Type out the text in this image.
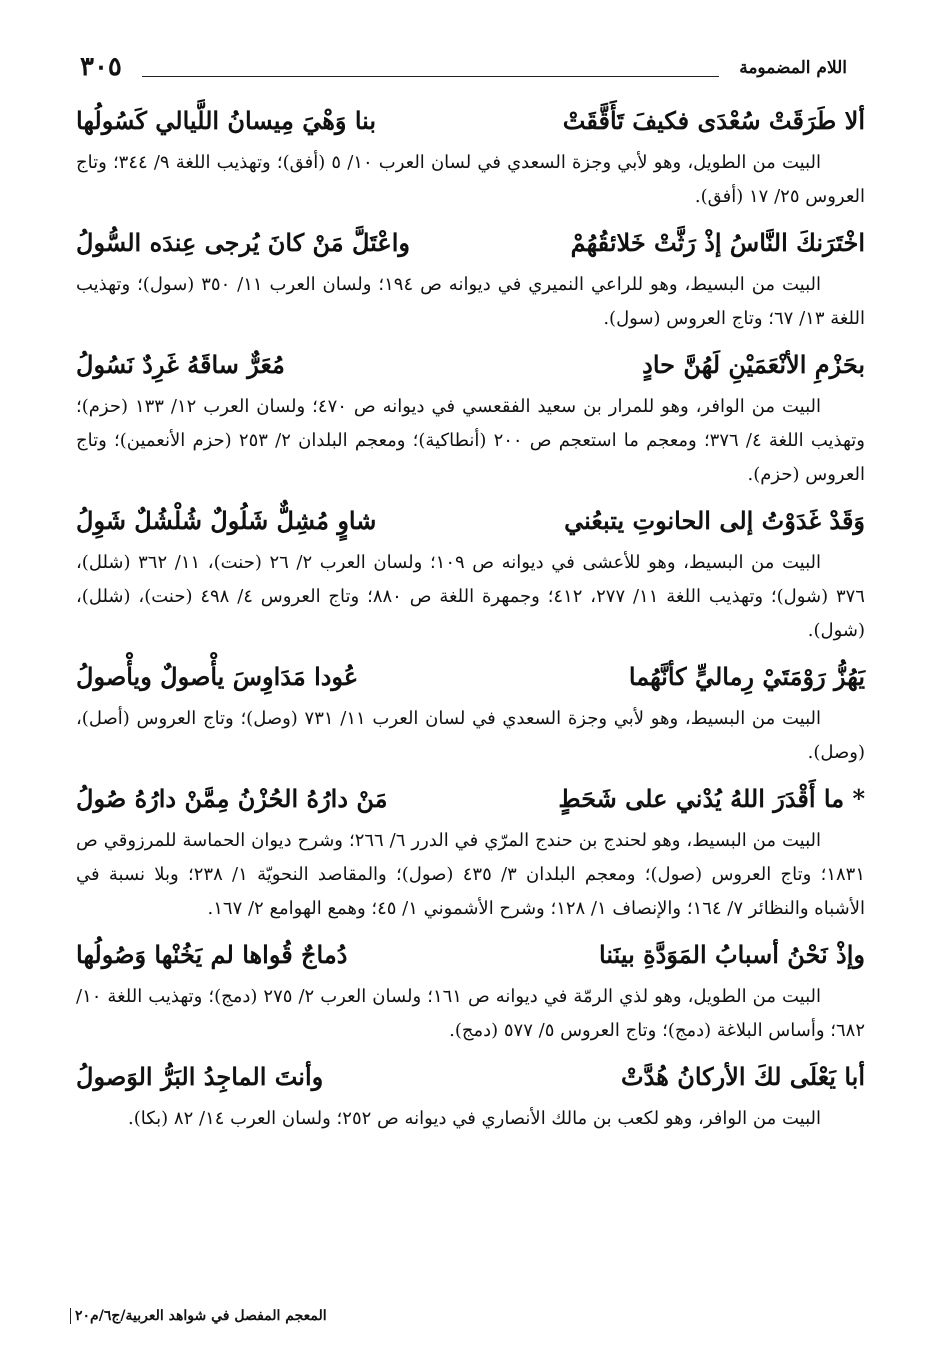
٣٠٥	اللام المضمومة
ألا طَرَقَتْ سُعْدَى فكيفَ تَأَقَّقَتْ
بنا وَهْيَ مِيسانُ اللَّيالي كَسُولُها

البيت من الطويل، وهو لأبي وجزة السعدي في لسان العرب ١٠/ ٥ (أفق)؛ وتهذيب اللغة ٩/ ٣٤٤؛ وتاج العروس ٢٥/ ١٧ (أفق).

اخْتَرَنكَ النَّاسُ إذْ رَثَّتْ خَلائقُهُمْ
واعْتَلَّ مَنْ كانَ يُرجى عِندَه السُّولُ

البيت من البسيط، وهو للراعي النميري في ديوانه ص ١٩٤؛ ولسان العرب ١١/ ٣٥٠ (سول)؛ وتهذيب اللغة ١٣/ ٦٧؛ وتاج العروس (سول).

بحَزْمِ الأنْعَمَيْنِ لَهُنَّ حادٍ
مُعَرٌّ ساقَهُ غَرِدٌ نَسُولُ

البيت من الوافر، وهو للمرار بن سعيد الفقعسي في ديوانه ص ٤٧٠؛ ولسان العرب ١٢/ ١٣٣ (حزم)؛ وتهذيب اللغة ٤/ ٣٧٦؛ ومعجم ما استعجم ص ٢٠٠ (أنطاكية)؛ ومعجم البلدان ٢/ ٢٥٣ (حزم الأنعمين)؛ وتاج العروس (حزم).

وَقَدْ غَدَوْتُ إلى الحانوتِ يتبعُني
شاوٍ مُشِلٌّ شَلُولٌ شُلْشُلٌ شَوِلُ

البيت من البسيط، وهو للأعشى في ديوانه ص ١٠٩؛ ولسان العرب ٢/ ٢٦ (حنت)، ١١/ ٣٦٢ (شلل)، ٣٧٦ (شول)؛ وتهذيب اللغة ١١/ ٢٧٧، ٤١٢؛ وجمهرة اللغة ص ٨٨٠؛ وتاج العروس ٤/ ٤٩٨ (حنت)، (شلل)، (شول).

يَهُزُّ رَوْمَتَيْ رِماليٍّ كأنَّهُما
عُودا مَدَاوِسَ يأْصولٌ ويأْصولُ

البيت من البسيط، وهو لأبي وجزة السعدي في لسان العرب ١١/ ٧٣١ (وصل)؛ وتاج العروس (أصل)، (وصل).

* ما أَقْدَرَ اللهُ يُدْني على شَحَطٍ
مَنْ دارُهُ الحُزْنُ مِمَّنْ دارُهُ صُولُ

البيت من البسيط، وهو لحندج بن حندج المرّي في الدرر ٦/ ٢٦٦؛ وشرح ديوان الحماسة للمرزوقي ص ١٨٣١؛ وتاج العروس (صول)؛ ومعجم البلدان ٣/ ٤٣٥ (صول)؛ والمقاصد النحويّة ١/ ٢٣٨؛ وبلا نسبة في الأشباه والنظائر ٧/ ١٦٤؛ والإنصاف ١/ ١٢٨؛ وشرح الأشموني ١/ ٤٥؛ وهمع الهوامع ٢/ ١٦٧.

وإذْ نَحْنُ أسبابُ المَوَدَّةِ بينَنا
دُماجٌ قُواها لم يَخُنْها وَصُولُها

البيت من الطويل، وهو لذي الرمّة في ديوانه ص ١٦١؛ ولسان العرب ٢/ ٢٧٥ (دمج)؛ وتهذيب اللغة ١٠/ ٦٨٢؛ وأساس البلاغة (دمج)؛ وتاج العروس ٥/ ٥٧٧ (دمج).

أبا يَعْلَى لكَ الأركانُ هُدَّتْ
وأنتَ الماجِدُ البَرُّ الوَصولُ

البيت من الوافر، وهو لكعب بن مالك الأنصاري في ديوانه ص ٢٥٢؛ ولسان العرب ١٤/ ٨٢ (بكا).

المعجم المفصل في شواهد العربية/ج٦/م٢٠
